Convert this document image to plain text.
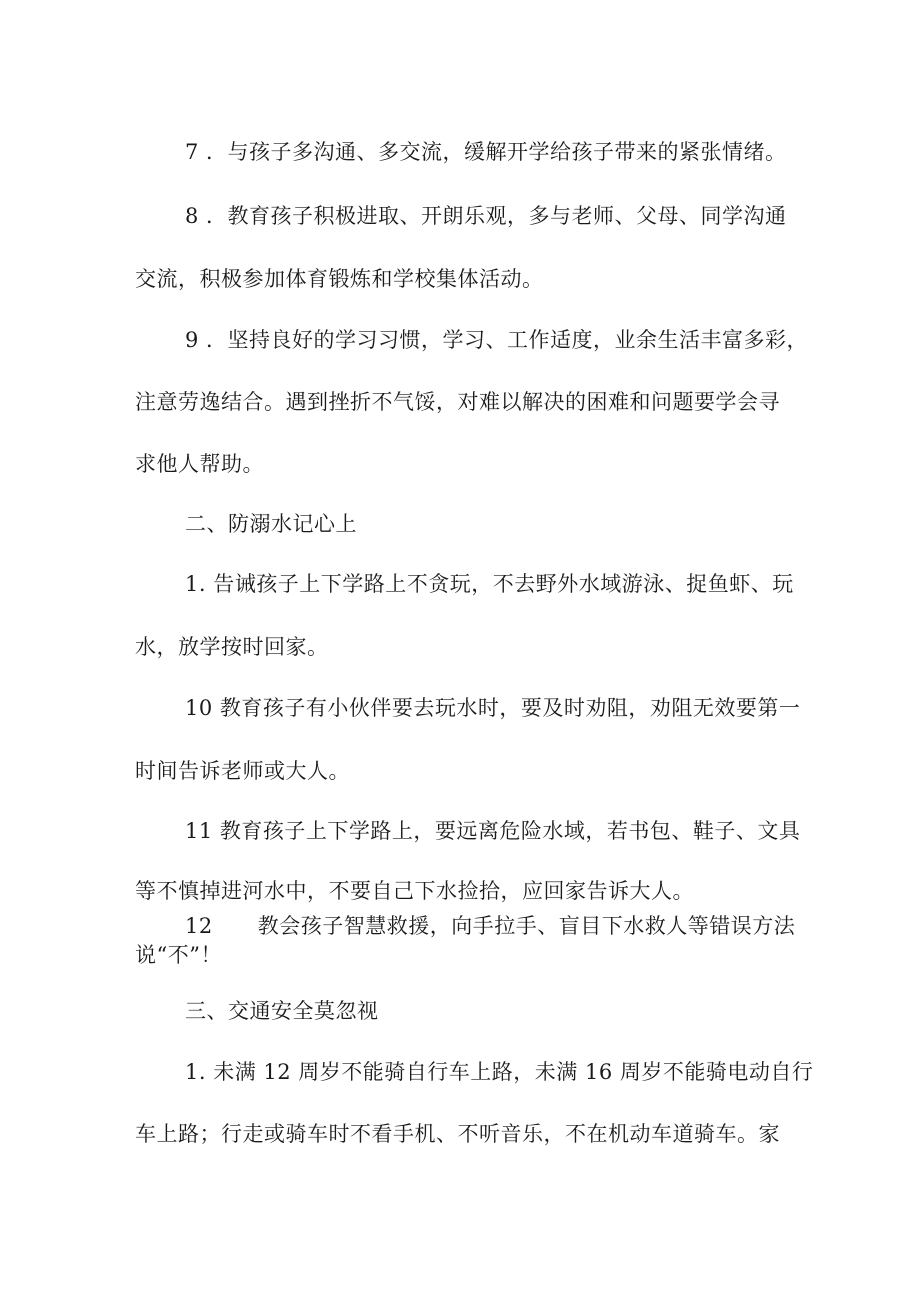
7 ．与孩子多沟通、多交流，缓解开学给孩子带来的紧张情绪。
8 ．教育孩子积极进取、开朗乐观，多与老师、父母、同学沟通
交流，积极参加体育锻炼和学校集体活动。
9 ．坚持良好的学习习惯，学习、工作适度，业余生活丰富多彩，
注意劳逸结合。遇到挫折不气馁，对难以解决的困难和问题要学会寻
求他人帮助。
二、防溺水记心上
1. 告诫孩子上下学路上不贪玩，不去野外水域游泳、捉鱼虾、玩
水，放学按时回家。
10 教育孩子有小伙伴要去玩水时，要及时劝阻，劝阻无效要第一
时间告诉老师或大人。
11 教育孩子上下学路上，要远离危险水域，若书包、鞋子、文具
等不慎掉进河水中，不要自己下水捡拾，应回家告诉大人。
12 教会孩子智慧救援，向手拉手、盲目下水救人等错误方法
说“不”！
三、交通安全莫忽视
1. 未满 12 周岁不能骑自行车上路，未满 16 周岁不能骑电动自行
车上路；行走或骑车时不看手机、不听音乐，不在机动车道骑车。家
